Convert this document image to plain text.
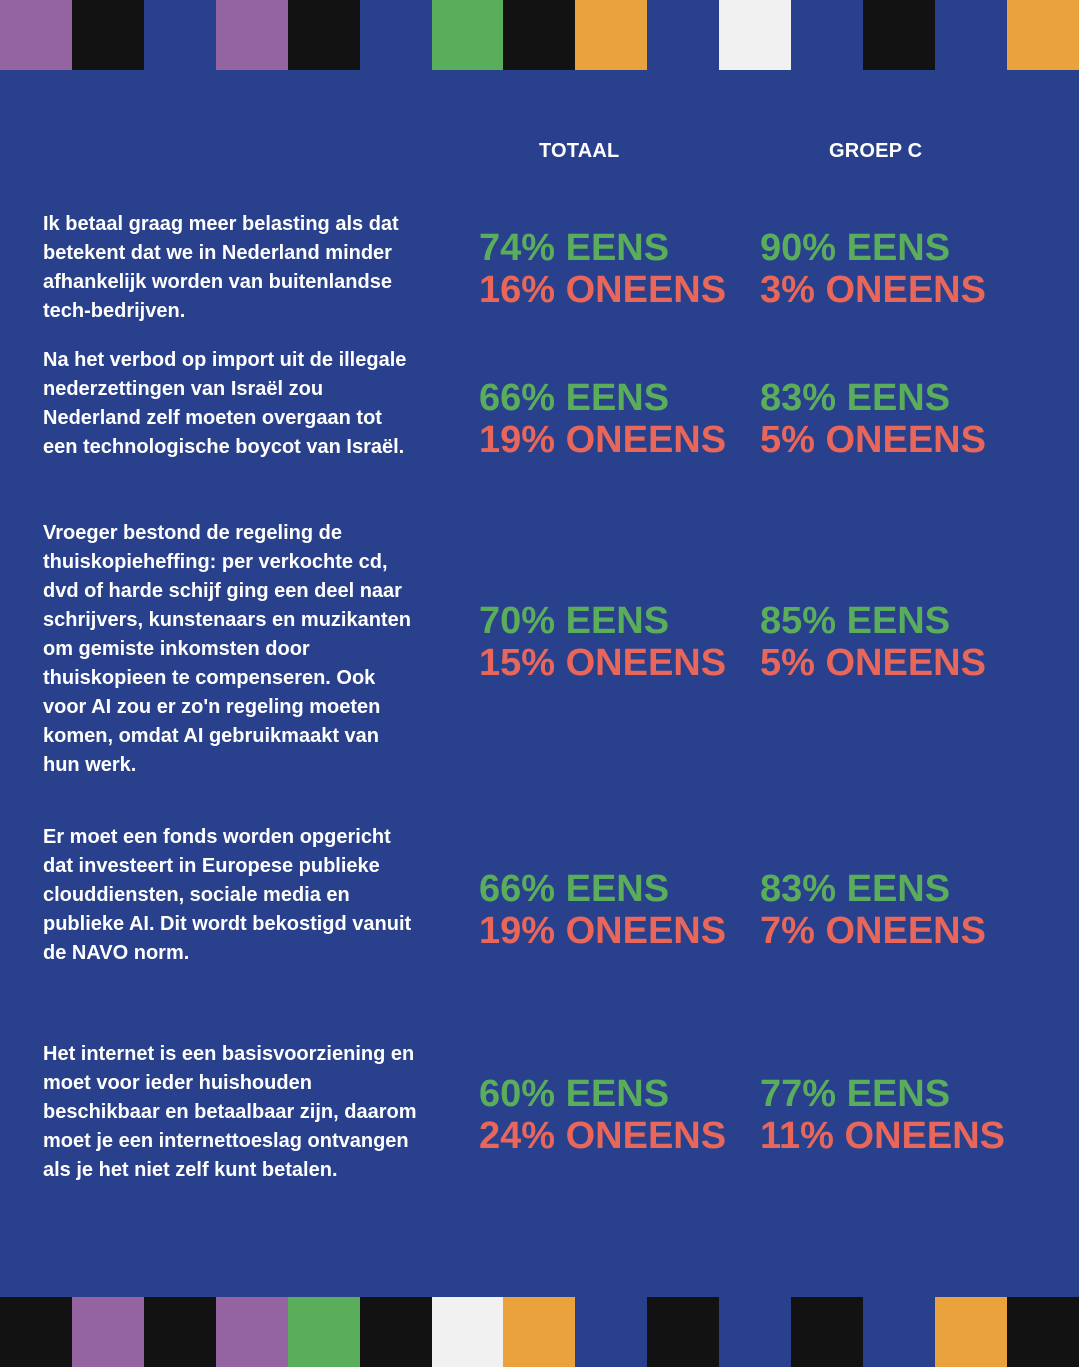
TOTAAL	GROEP C
Ik betaal graag meer belasting als dat betekent dat we in Nederland minder afhankelijk worden van buitenlandse tech-bedrijven.
74% EENS
16% ONEENS
90% EENS
3% ONEENS
Na het verbod op import uit de illegale nederzettingen van Israël zou Nederland zelf moeten overgaan tot een technologische boycot van Israël.
66% EENS
19% ONEENS
83% EENS
5% ONEENS
Vroeger bestond de regeling de thuiskopieheffing: per verkochte cd, dvd of harde schijf ging een deel naar schrijvers, kunstenaars en muzikanten om gemiste inkomsten door thuiskopieen te compenseren. Ook voor AI zou er zo'n regeling moeten komen, omdat AI gebruikmaakt van hun werk.
70% EENS
15% ONEENS
85% EENS
5% ONEENS
Er moet een fonds worden opgericht dat investeert in Europese publieke clouddiensten, sociale media en publieke AI. Dit wordt bekostigd vanuit de NAVO norm.
66% EENS
19% ONEENS
83% EENS
7% ONEENS
Het internet is een basisvoorziening en moet voor ieder huishouden beschikbaar en betaalbaar zijn, daarom moet je een internettoeslag ontvangen als je het niet zelf kunt betalen.
60% EENS
24% ONEENS
77% EENS
11% ONEENS
